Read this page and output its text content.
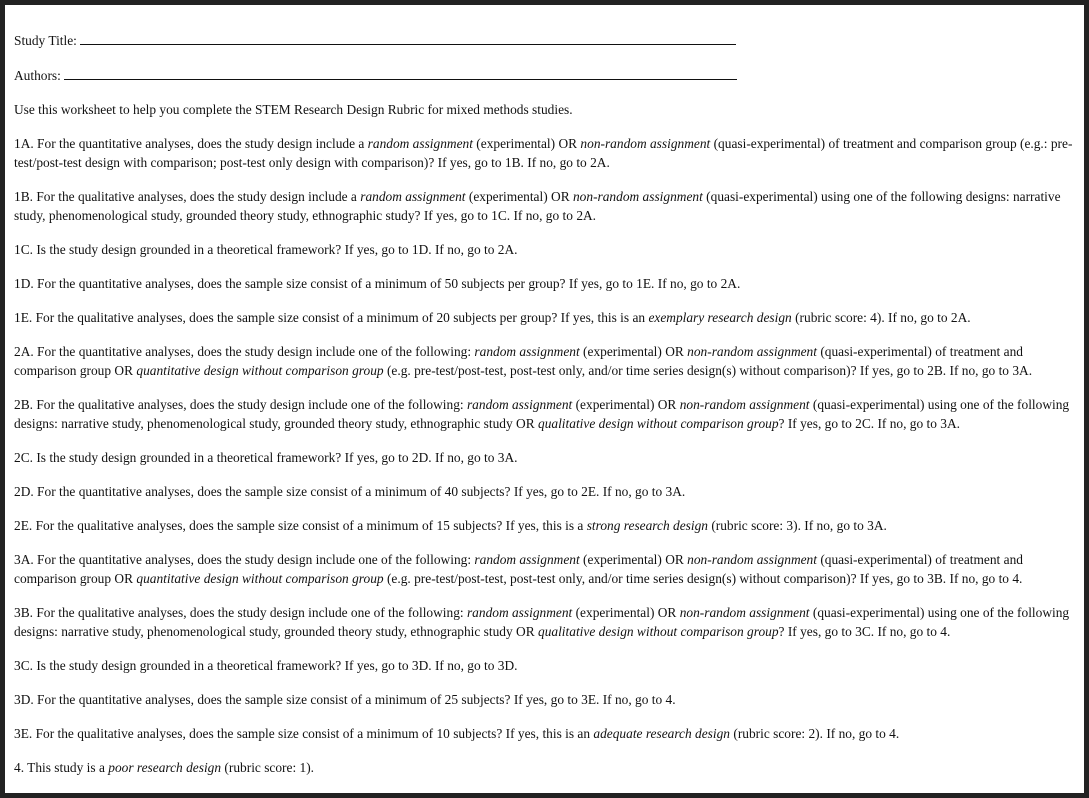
Study Title:
Authors:

Use this worksheet to help you complete the STEM Research Design Rubric for mixed methods studies.

1A. For the quantitative analyses, does the study design include a random assignment (experimental) OR non-random assignment (quasi-experimental) of treatment and comparison group (e.g.: pre-test/post-test design with comparison; post-test only design with comparison)? If yes, go to 1B. If no, go to 2A.

1B. For the qualitative analyses, does the study design include a random assignment (experimental) OR non-random assignment (quasi-experimental) using one of the following designs: narrative study, phenomenological study, grounded theory study, ethnographic study? If yes, go to 1C. If no, go to 2A.

1C. Is the study design grounded in a theoretical framework? If yes, go to 1D. If no, go to 2A.

1D. For the quantitative analyses, does the sample size consist of a minimum of 50 subjects per group? If yes, go to 1E. If no, go to 2A.

1E. For the qualitative analyses, does the sample size consist of a minimum of 20 subjects per group? If yes, this is an exemplary research design (rubric score: 4). If no, go to 2A.

2A. For the quantitative analyses, does the study design include one of the following: random assignment (experimental) OR non-random assignment (quasi-experimental) of treatment and comparison group OR quantitative design without comparison group (e.g. pre-test/post-test, post-test only, and/or time series design(s) without comparison)? If yes, go to 2B. If no, go to 3A.

2B. For the qualitative analyses, does the study design include one of the following: random assignment (experimental) OR non-random assignment (quasi-experimental) using one of the following designs: narrative study, phenomenological study, grounded theory study, ethnographic study OR qualitative design without comparison group? If yes, go to 2C. If no, go to 3A.

2C. Is the study design grounded in a theoretical framework? If yes, go to 2D. If no, go to 3A.

2D. For the quantitative analyses, does the sample size consist of a minimum of 40 subjects? If yes, go to 2E. If no, go to 3A.

2E. For the qualitative analyses, does the sample size consist of a minimum of 15 subjects? If yes, this is a strong research design (rubric score: 3). If no, go to 3A.

3A. For the quantitative analyses, does the study design include one of the following: random assignment (experimental) OR non-random assignment (quasi-experimental) of treatment and comparison group OR quantitative design without comparison group (e.g. pre-test/post-test, post-test only, and/or time series design(s) without comparison)? If yes, go to 3B. If no, go to 4.

3B. For the qualitative analyses, does the study design include one of the following: random assignment (experimental) OR non-random assignment (quasi-experimental) using one of the following designs: narrative study, phenomenological study, grounded theory study, ethnographic study OR qualitative design without comparison group? If yes, go to 3C. If no, go to 4.

3C. Is the study design grounded in a theoretical framework? If yes, go to 3D. If no, go to 3D.

3D. For the quantitative analyses, does the sample size consist of a minimum of 25 subjects? If yes, go to 3E. If no, go to 4.

3E. For the qualitative analyses, does the sample size consist of a minimum of 10 subjects? If yes, this is an adequate research design (rubric score: 2). If no, go to 4.

4. This study is a poor research design (rubric score: 1).
